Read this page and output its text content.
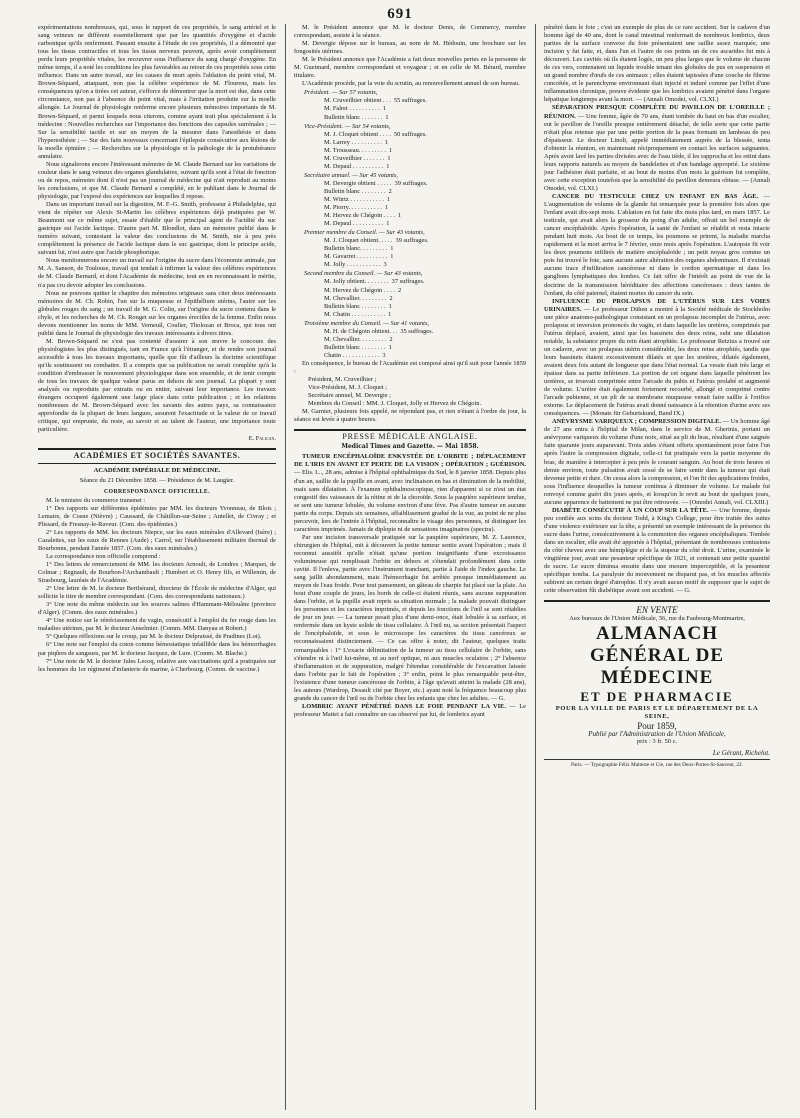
691

expérimentations nombreuses, qui, sous le rapport de ces propriétés, le sang artériel et le sang veineux ne diffèrent essentiellement que par les quantités d'oxygène et d'acide carbonique qu'ils renferment. Passant ensuite à l'étude de ces propriétés, il a démontré que tous les tissus contractiles et tous les tissus nerveux peuvent, après avoir complètement perdu leurs propriétés vitales, les recouvrer sous l'influence du sang chargé d'oxygène. En même temps, il a noté les conditions les plus favorables au retour de ces propriétés sous cette influence. Dans un autre travail, sur les causes de mort après l'ablation du point vital, M. Brown-Séquard, attaquant, non pas la célèbre expérience de M. Flourens, mais les conséquences qu'on a tirées cet auteur, s'efforce de démontrer que la mort est due, dans cette circonstance, non pas à l'absence du point vital, mais à l'irritation produite sur la moelle allongée. Le Journal de physiologie renferme encore plusieurs mémoires importants de M. Brown-Séquard, et parmi lesquels nous citerons, comme ayant trait plus spécialement à la médecine : Nouvelles recherches sur l'importance des fonctions des capsules surrénales ; — Sur la sensibilité tactile et sur un moyen de la mesurer dans l'anesthésie et dans l'hyperesthésie ; — Sur des faits nouveaux concernant l'épilepsie consécutive aux lésions de la moelle épinière ; — Recherches sur la physiologie et la pathologie de la protubérance annulaire.

Nous signalerons encore l'intéressant mémoire de M. Claude Bernard sur les variations de couleur dans le sang veineux des organes glandulaires, suivant qu'ils sont à l'état de fonction ou de repos, mémoire dont il n'est pas un journal de médecine qui n'ait reproduit au moins les conclusions, et que M. Claude Bernard a complété, en le publiant dans le Journal de physiologie, par l'exposé des expériences sur lesquelles il repose.

Dans un important travail sur la digestion, M. F.-G. Smith, professeur à Philadelphie, qui vient de répéter sur Alexis St-Martin les célèbres expériences déjà pratiquées par W. Beaumont sur ce même sujet, essaie d'établir que le principal agent de l'acidité du suc gastrique est l'acide lactique. D'autre part M. Blondlot, dans un mémoire publié dans le numéro suivant, contestant la valeur des conclusions de M. Smith, nie à peu près complètement la présence de l'acide lactique dans le suc gastrique, dont le principe acide, suivant lui, n'est autre que l'acide phosphorique.

Nous mentionnerons encore un travail sur l'origine du sucre dans l'économie animale, par M. A. Sanson, de Toulouse, travail qui tendait à infirmer la valeur des célèbres expériences de M. Claude Bernard, et dont l'Académie de médecine, tout en en reconnaissant le mérite, n'a pas cru devoir adopter les conclusions.

Nous ne pouvons quitter le chapitre des mémoires originaux sans citer deux intéressants mémoires de M. Ch. Robin, l'un sur la muqueuse et l'épithélium utérins, l'autre sur les globules rouges du sang ; un travail de M. G. Colin, sur l'origine du sucre contenu dans le chyle, et les recherches de M. Ch. Rouget sur les organes érectiles de la femme. Enfin nous devons mentionner les noms de MM. Verneuil, Coulier, Tholozan et Broca, qui tous ont publié dans le Journal de physiologie des travaux intéressants à divers titres.

M. Brown-Séquard ne s'est pas contenté d'assurer à son œuvre le concours des physiologistes les plus distingués, tant en France qu'à l'étranger, et de rendre son journal accessible à tous les travaux importants, quelle que fût d'ailleurs la doctrine scientifique qu'ils soutinssent ou combattre. Il a compris que sa publication ne serait complète qu'à la condition d'embrasser le mouvement physiologique dans son ensemble, et de tenir compte de tous les travaux de quelque valeur parus en dehors de son journal. La plupart y sont analysés ou reproduits par extraits ou en entier, suivant leur importance. Les travaux étrangers occupent également une large place dans cette publication ; et les relations nombreuses de M. Brown-Séquard avec les savants des autres pays, sa connaissance approfondie de la plupart de leurs langues, assurent l'exactitude et la valeur de ce travail critique, qui emprunte, du reste, au savoir et au talent de l'auteur, une importance toute particulière.

E. Falican.
ACADÉMIES ET SOCIÉTÉS SAVANTES.
ACADÉMIE IMPÉRIALE DE MÉDECINE.
Séance du 21 Décembre 1858. — Présidence de M. Laugier.
CORRESPONDANCE OFFICIELLE.

M. le ministre du commerce transmet :

1° Des rapports sur différentes épidémies par MM. les docteurs Yvonneau, de Blois ; Lemaire, de Cosne (Nièvre) ; Caussard, de Châtillon-sur-Seine ; Antellet, de Civray ; et Plissard, de Fresnay-le-Raveur. (Com. des épidémies.)

2° Les rapports de MM. les docteurs Niepce, sur les eaux minérales d'Allevard (Isère) ; Cazalettes, sur les eaux de Rennes (Aude) ; Carrol, sur l'établissement militaire thermal de Bourbonne, pendant l'année 1857. (Com. des eaux minérales.)

La correspondance non officielle comprend :

1° Des lettres de remerciement de MM. les docteurs Arnoult, de Londres ; Marquet, de Colmar ; Regnault, de Bourbon-l'Archambault ; Humbert et O. Henry fils, et Willemin, de Strasbourg, lauréats de l'Académie.

2° Une lettre de M. le docteur Berthérand, directeur de l'École de médecine d'Alger, qui sollicite le titre de membre correspondant. (Com. des correspondants nationaux.)

3° Une note du même médecin sur les sources salines d'Hammam-Mélouâne (province d'Alger). (Comm. des eaux minérales.)

4° Une notice sur le rétrécissement du vagin, consécutif à l'emploi du fer rouge dans les maladies utérines, par M. le docteur Anselmier. (Comm. MM. Danyau et Robert.)

5° Quelques réflexions sur le croup, par M. le docteur Delpratssé, de Pradines (Lot).

6° Une note sur l'emploi du coton comme hémostatique infaillible dans les hémorrhagies par piqûres de sangsues, par M. le docteur Jacquez, de Lure. (Comm. M. Blache.)

7° Une note de M. le docteur Jules Lecoq, relative aux vaccinations qu'il a pratiquées sur les hommes du 1er régiment d'infanterie de marine, à Cherbourg. (Comm. de vaccine.)

M. le Président annonce que M. le docteur Denis, de Commercy, membre correspondant, assiste à la séance.

M. Devergie dépose sur le bureau, au nom de M. Hédouin, une brochure sur les fongosités utérines.

M. le Président annonce que l'Académie a fait deux nouvelles pertes en la personne de M. Guetmard, membre correspondant et voyageur ; et en celle de M. Bérard, membre titulaire.

L'Académie procède, par la voie du scrutin, au renouvellement annuel de son bureau.

Président. — Sur 57 votants,

M. Cruveilhier obtient . . . 55 suffrages.

M. Falret . . . . . . . . . . 1

Bulletin blanc . . . . . . . 1

Vice-Président. — Sur 54 votants,

M. J. Cloquet obtient . . . . 50 suffrages.

M. Larrey . . . . . . . . . . 1

M. Trousseau. . . . . . . . . 1

M. Cruveilhier . . . . . . . 1

M. Depaul . . . . . . . . . . 1

Secrétaire annuel. — Sur 45 votants,

M. Devergie obtient . . . . . 39 suffrages.

Bulletin blanc . . . . . . . . 2

M. Würtz . . . . . . . . . . . 1

M. Piorry. . . . . . . . . . . 1

M. Hervez de Chégoin . . . . 1

M. Depaul . . . . . . . . . . 1

Premier membre du Conseil. — Sur 43 votants,

M. J. Cloquet obtient. . . . . 39 suffrages.

Bulletin blanc. . . . . . . . . 1

M. Gavarret . . . . . . . . . . 1

M. Jolly . . . . . . . . . . . 3

Second membre du Conseil. — Sur 43 votants,

M. Jolly obtient. . . . . . . . 37 suffrages.

M. Hervez de Chégoin . . . . 2

M. Chevallier. . . . . . . . . 2

Bulletin blanc . . . . . . . . 1

M. Chatin . . . . . . . . . . . 1

Troisième membre du Conseil. — Sur 41 votants,

M. H. de Chégoin obtient. . . 35 suffrages.

M. Chevallier. . . . . . . . . 2

Bulletin blanc . . . . . . . . 1

Chatin . . . . . . . . . . . . 3

En conséquence, le bureau de l'Académie est composé ainsi qu'il suit pour l'année 1859 :

Président, M. Cruveilhier ;

Vice-Président, M. J. Cloquet ;

Secrétaire annuel, M. Devergie ;

Membres du Conseil : MM. J. Cloquet, Jolly et Hervez de Chégoin.

M. Garnier, plusieurs fois appelé, ne répondant pas, et rien n'étant à l'ordre du jour, la séance est levée à quatre heures.

PRESSE MÉDICALE ANGLAISE.
Medical Times and Gazette. — Mai 1858.

TUMEUR ENCÉPHALOÏDE ENKYSTÉE DE L'ORBITE ; DÉPLACEMENT DE L'IRIS EN AVANT ET PERTE DE LA VISION ; OPÉRATION ; GUÉRISON. — Elis. I..., 28 ans, admise à l'hôpital ophthalmique du Sud, le 8 janvier 1858. Depuis plus d'un an, saillie de la pupille en avant, avec inclinaison en bas et diminution de la mobilité, mais sans dilatation. À l'examen ophthalmoscopique, rien d'apparent si ce n'est un état congestif des vaisseaux de la rétine et de la choroïde. Sous la paupière supérieure tendue, se sent une tumeur lobulée, du volume environ d'une fève. Pas d'autre tumeur en aucune partie du corps. Depuis six semaines, affaiblissement gradué de la vue, au point de ne plus percevoir, lors de l'entrée à l'hôpital, reconnaître le visage des personnes, ni distinguer les caractères imprimés. Jamais de diplopie ni de sensations imaginaires (spectra).

Par une incision transversale pratiquée sur la paupière supérieure, M. Z. Laurence, chirurgien de l'hôpital, mit à découvert la petite tumeur sentie avant l'opération ; mais il reconnut aussitôt qu'elle n'était qu'une portion insignifiante d'une excroissance volumineuse qui remplissait l'orbite en dehors et s'étendait profondément dans cette cavité. Il l'enleva, partie avec l'instrument tranchant, partie à l'aide de l'index gauche. Le sang jaillit abondamment, mais l'hémorrhagie fut arrêtée presque immédiatement au moyen de l'eau froide. Pour tout pansement, un gâteau de charpie fut placé sur la plaie. Au bout d'une couple de jours, les bords de celle-ci étaient réunis, sans aucune suppuration dans l'orbite, et la pupille avait repris sa situation normale ; la malade pouvait distinguer les personnes et les caractères imprimés, et depuis les fonctions de l'œil se sont rétablies de jour en jour. — La tumeur pesait plus d'une demi-once, était lobulée à sa surface, et renfermée dans un kyste solide de tissu cellulaire. À l'œil nu, sa section présentait l'aspect de l'encéphaloïde, et sous le microscope les caractères du tissu cancéreux se reconnaissaient distinctement. — Ce cas offre à noter, dit l'auteur, quelques traits remarquables : 1° L'exacte délimitation de la tumeur au tissu cellulaire de l'orbite, sans s'étendre ni à l'œil lui-même, ni au nerf optique, ni aux muscles oculaires ; 2° l'absence d'inflammation et de suppuration, malgré l'étendue considérable de l'excavation laissée dans l'orbite par le fait de l'opération ; 3° enfin, point le plus remarquable peut-être, l'existence d'une tumeur cancéreuse de l'orbite, à l'âge qu'avait atteint la malade (28 ans), les auteurs (Wardrop, Desault cité par Boyer, etc.) ayant noté la fréquence beaucoup plus grande du cancer de l'œil ou de l'orbite chez les enfants que chez les adultes. — G.

LOMBRIC AYANT PÉNÉTRÉ DANS LE FOIE PENDANT LA VIE. — Le professeur Mattei a fait connaître un cas observé par lui, de lombrics ayant

pénétré dans le foie ; c'est un exemple de plus de ce rare accident. Sur le cadavre d'un homme âgé de 40 ans, dont le canal intestinal renfermait de nombreux lombrics, deux parties de la surface convexe du foie présentaient une saillie assez marquée, une incision y fut faite, et, dans l'un et l'autre de ces points un de ces ascarides fut mis à découvert. Les cavités où ils étaient logés, un peu plus larges que le volume de chacun de ces vers, contenaient un liquide trouble tenant des globules de pus en suspension et un grand nombre d'œufs de ces animaux ; elles étaient tapissées d'une couche de fibrine concrétée, et le parenchyme environnant était injecté et induré comme par l'effet d'une inflammation chronique, preuve évidente que les lombrics avaient pénétré dans l'organe hépatique longtemps avant la mort. — (Annali Omodei, vol. CLXI.)

SÉPARATION PRESQUE COMPLÈTE DU PAVILLON DE L'OREILLE ; RÉUNION. — Une femme, âgée de 70 ans, étant tombée du haut en bas d'un escalier, eut le pavillon de l'oreille presque entièrement détaché, de telle sorte que cette partie n'était plus retenue que par une petite portion de la peau formant un lambeau de peu d'épaisseur. Le docteur Linoli, appelé immédiatement auprès de la blessée, tenta d'obtenir la réunion, en maintenant réciproquement en contact les surfaces saignantes. Après avoir lavé les parties divisées avec de l'eau tiède, il les rapprocha et les retint dans leurs rapports naturels au moyen de bandelettes et d'un bandage approprié. Le sixième jour l'adhésion était parfaite, et au bout de moins d'un mois la guérison fut complète, avec cette exception toutefois que la sensibilité du pavillon demeura obtuse. — (Annali Omodei, vol. CLXI.)

CANCER DU TESTICULE CHEZ UN ENFANT EN BAS ÂGE. — L'augmentation de volume de la glande fut remarquée pour la première fois alors que l'enfant avait dix-sept mois. L'ablation en fut faite dix mois plus tard, en mars 1857. Le testicule, qui avait alors la grosseur du poing d'un adulte, offrait un bel exemple de cancer encéphaloïde. Après l'opération, la santé de l'enfant se rétablit et resta intacte pendant huit mois. Au bout de ce temps, les poumons se prirent, la maladie marcha rapidement et la mort arriva le 7 février, onze mois après l'opération. L'autopsie fit voir les deux poumons infiltrés de matière encéphaloïde ; un petit noyau gros comme un pois fut trouvé le foie, sans aucune autre altération des organes abdominaux. Il n'existait aucune trace d'infiltration cancéreuse ni dans le cordon spermatique ni dans les ganglions lymphatiques des lombes. Ce fait offre de l'intérêt au point de vue de la doctrine de la transmission héréditaire des affections cancéreuses : deux tantes de l'enfant, du côté paternel, étaient mortes du cancer du sein.

INFLUENCE DU PROLAPSUS DE L'UTÉRUS SUR LES VOIES URINAIRES. — Le professeur Dühen a montré à la Société médicale de Stockholm une pièce anatomo-pathologique consistant en un prolapsus incomplet de l'utérus, avec prolapsus et inversion prononcés du vagin, et dans laquelle les uretères, comprimés par l'utérus déplacé, avaient, ainsi que les bassinets des deux reins, subi une dilatation notable, la substance propre du rein étant atrophiée. Le professeur Retzius a trouvé sur un cadavre, avec un prolapsus utérin considérable, les deux reins atrophiés, tandis que leurs bassinets étaient excessivement dilatés et que les uretères, dilatés également, avaient deux fois autant de longueur que dans l'état normal. La vessie était très large et épaisse dans sa partie inférieure. La portion de cet organe dans laquelle pénètrent les uretères, se trouvait comprimée entre l'arcade du pubis et l'utérus prolabé et augmenté de volume. L'urètre était également fortement recourbé, allongé et comprimé contre l'arcade pubienne, et un pli de sa membrane muqueuse venait faire saillie à l'orifice externe. Le déplacement de l'utérus avait donné naissance à la rétention d'urine avec ses conséquences. — (Monats für Geburtskund, Band IX.)

ANÉVRYSME VARIQUEUX ; COMPRESSION DIGITALE. — Un homme âgé de 27 ans entra à l'hôpital de Milan, dans le service de M. Gherinis, portant un anévrysme variqueux du volume d'une noix, situé au pli du bras, résultant d'une saignée faite quarante jours auparavant. Trois aides s'étant offerts spontanément pour faire l'un après l'autre la compression digitale, celle-ci fut pratiquée vers la partie moyenne du bras, de manière à intercepter à peu près le courant sanguin. Au bout de trois heures et demie environ, toute pulsation avait cessé de se faire sentir dans la tumeur qui était devenue petite et dure. On cessa alors la compression, et l'on fit des applications froides, sous l'influence desquelles la tumeur continua à diminuer de volume. Le malade fut renvoyé comme guéri dix jours après, et lorsqu'on le revit au bout de quelques jours, aucune apparence de battement ne put être retrouvée. — (Omodei Annali, vol. CLXIII.)

DIABÈTE CONSÉCUTIF À UN COUP SUR LA TÊTE. — Une femme, depuis peu confiée aux soins du docteur Todd, à King's College, pour être traitée des suites d'une violence extérieure sur la tête, a présenté un exemple intéressant de la présence du sucre dans l'urine, consécutivement à la commotion des organes encéphaliques. Tombée dans un escalier, elle avait été apportée à l'hôpital, présentant de nombreuses contusions du côté cheveu avec une hémiplégie et de la stupeur du côté droit. L'urine, examinée le vingtième jour, avait une pesanteur spécifique de 1021, et contenait une petite quantité de sucre. Le sucre diminua ensuite dans une mesure imperceptible, et la pesanteur spécifique tomba. La paralysie du mouvement ne disparut pas, et les muscles affectés subirent un certain degré d'atrophie. Il n'y avait aucun motif de supposer que le sujet de cette observation fût diabétique avant son accident. — G.

EN VENTE

Aux bureaux de l'Union Médicale, 56, rue du Faubourg-Montmartre,

ALMANACH GÉNÉRAL DE MÉDECINE

ET DE PHARMACIE

POUR LA VILLE DE PARIS ET LE DÉPARTEMENT DE LA SEINE,

Pour 1859,

Publié par l'Administration de l'Union Médicale,

prix : 3 fr. 50 c.

Le Gérant, Richelot.
Paris. — Typographie Félix Malteste et Cie, rue des Deux-Portes-St-Sauveur, 22.
